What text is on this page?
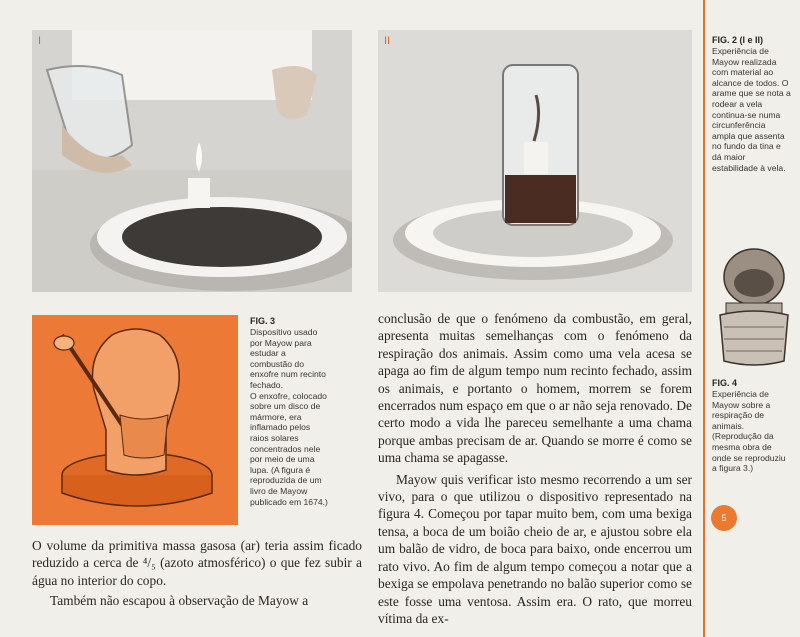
I	II	FIG. 2 (I e II)
Experiência de
Mayow realizada
com material ao
alcance de todos. O
arame que se nota a
rodear a vela
continua-se numa
circunferência
ampla que assenta
no fundo da tina e
dá maior
estabilidade à vela.
FIG. 4
Experiência de
Mayow sobre a
respiração de
animais.
(Reprodução da
mesma obra de
onde se reproduziu
a figura 3.)
5
FIG. 3
Dispositivo usado
por Mayow para
estudar a
combustão do
enxofre num recinto
fechado.
O enxofre, colocado
sobre um disco de
mármore, era
inflamado pelos
raios solares
concentrados nele
por meio de uma
lupa. (A figura é
reproduzida de um
livro de Mayow
publicado em 1674.)

O volume da primitiva massa gasosa (ar) teria assim ficado reduzido a cerca de ⁴/₅ (azoto atmosférico) o que fez subir a água no interior do copo.

Também não escapou à observação de Mayow a

conclusão de que o fenómeno da combustão, em geral, apresenta muitas semelhanças com o fenómeno da respiração dos animais. Assim como uma vela acesa se apaga ao fim de algum tempo num recinto fechado, assim os animais, e portanto o homem, morrem se forem encerrados num espaço em que o ar não seja renovado. De certo modo a vida lhe pareceu semelhante a uma chama porque ambas precisam de ar. Quando se morre é como se uma chama se apagasse.

Mayow quis verificar isto mesmo recorrendo a um ser vivo, para o que utilizou o dispositivo representado na figura 4. Começou por tapar muito bem, com uma bexiga tensa, a boca de um boião cheio de ar, e ajustou sobre ela um balão de vidro, de boca para baixo, onde encerrou um rato vivo. Ao fim de algum tempo começou a notar que a bexiga se empolava penetrando no balão superior como se este fosse uma ventosa. Assim era. O rato, que morreu vítima da ex-
